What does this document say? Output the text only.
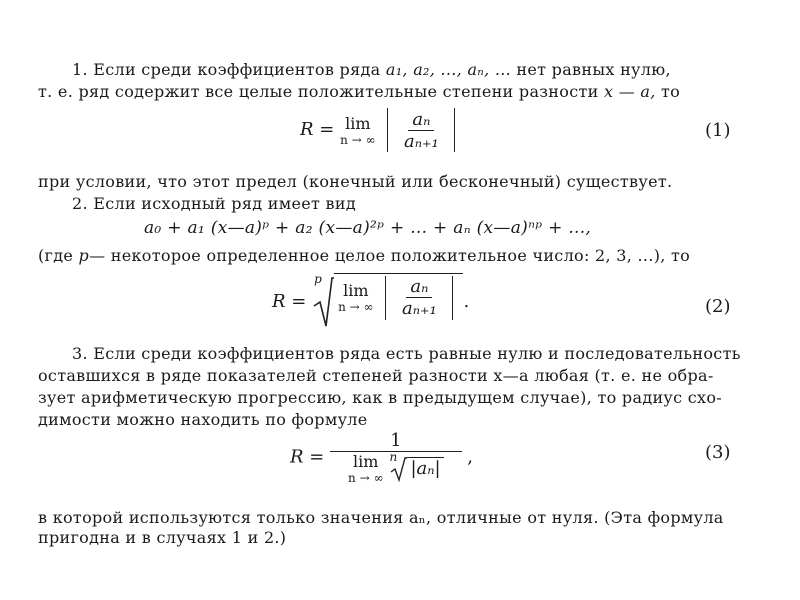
1. Если среди коэффициентов ряда a₁, a₂, ..., aₙ, ... нет равных нулю,
т. е. ряд содержит все целые положительные степени разности x — a, то
R = lim
n → ∞
$\frac{\text{aₙ}}{\text{aₙ₊₁}}$
	(1)
при условии, что этот предел (конечный или бесконечный) существует.
2. Если исходный ряд имеет вид
a₀ + a₁ (x—a)ᵖ + a₂ (x—a)²ᵖ + ... + aₙ (x—a)ⁿᵖ + ...,
(где p— некоторое определенное целое положительное число: 2, 3, ...), то
R =
p
lim
n → ∞
$\frac{\text{aₙ}}{\text{aₙ₊₁}}$ .	(2)
3. Если среди коэффициентов ряда есть равные нулю и последовательность
оставшихся в ряде показателей степеней разности x—a любая (т. е. не обра-
зует арифметическую прогрессию, как в предыдущем случае), то радиус схо-
димости можно находить по формуле
R = 1
lim
n → ∞
n
|aₙ| ,	(3)
в которой используются только значения aₙ, отличные от нуля. (Эта формула
пригодна и в случаях 1 и 2.)
